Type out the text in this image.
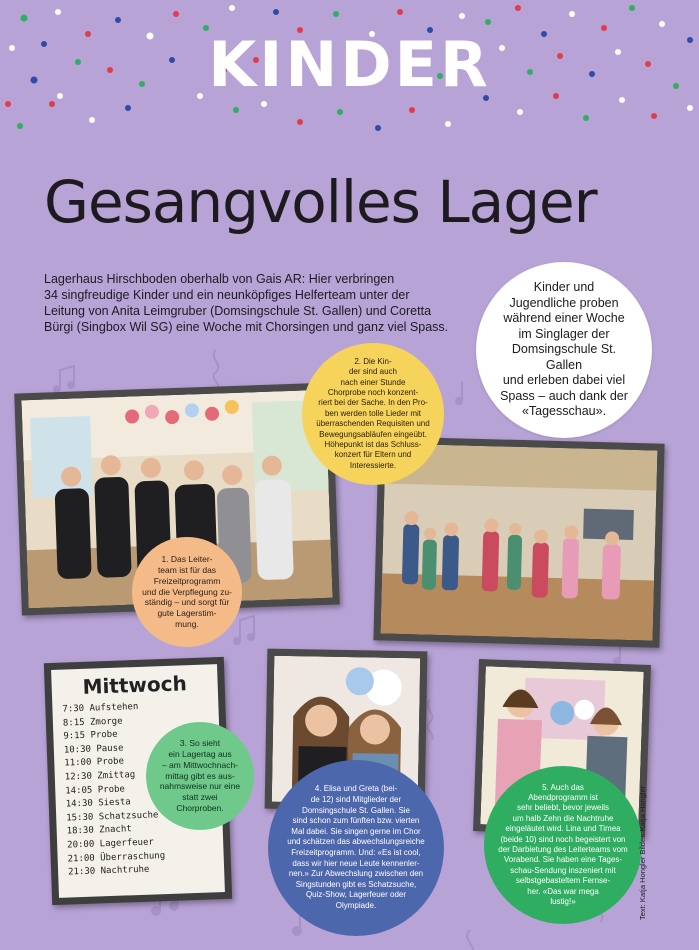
KINDER
Gesangvolles Lager
Lagerhaus Hirschboden oberhalb von Gais AR: Hier verbringen
34 singfreudige Kinder und ein neunköpfiges Helferteam unter der
Leitung von Anita Leimgruber (Domsingschule St. Gallen) und Coretta
Bürgi (Singbox Wil SG) eine Woche mit Chorsingen und ganz viel Spass.

Kinder und
Jugendliche proben
während einer Woche
im Singlager der
Domsingschule St. Gallen
und erleben dabei viel
Spass – auch dank der
«Tagesschau».

Mittwoch
7:30 Aufstehen
8:15 Zmorge
9:15 Probe
10:30 Pause
11:00 Probe
12:30 Zmittag
14:05 Probe
14:30 Siesta
15:30 Schatzsuche
18:30 Znacht
20:00 Lagerfeuer
21:00 Überraschung
21:30 Nachtruhe

1. Das Leiter-
team ist für das
Freizeitprogramm
und die Verpflegung zu-
ständig – und sorgt für
gute Lagerstim-
mung.

2. Die Kin-
der sind auch
nach einer Stunde
Chorprobe noch konzent-
riert bei der Sache. In den Pro-
ben werden tolle Lieder mit
überraschenden Requisiten und
Bewegungsabläufen eingeübt.
Höhepunkt ist das Schluss-
konzert für Eltern und
Interessierte.

3. So sieht
ein Lagertag aus
– am Mittwochnach-
mittag gibt es aus-
nahmsweise nur eine
statt zwei
Chorproben.

4. Elisa und Greta (bei-
de 12) sind Mitglieder der
Domsingschule St. Gallen. Sie
sind schon zum fünften bzw. vierten
Mal dabei. Sie singen gerne im Chor
und schätzen das abwechslungsreiche
Freizeitprogramm. Und: «Es ist cool,
dass wir hier neue Leute kennenler-
nen.» Zur Abwechslung zwischen den
Singstunden gibt es Schatzsuche,
Quiz-Show, Lagerfeuer oder
Olympiade.

5. Auch das
Abendprogramm ist
sehr beliebt, bevor jeweils
um halb Zehn die Nachtruhe
eingeläutet wird. Lina und Timea
(beide 10) sind noch begeistert von
der Darbietung des Leiterteams vom
Vorabend. Sie haben eine Tages-
schau-Sendung inszeniert mit
selbstgebasteltem Fernse-
her. «Das war mega
lustig!»	Text: Katja Hongler Bilder: Katja Hongler
